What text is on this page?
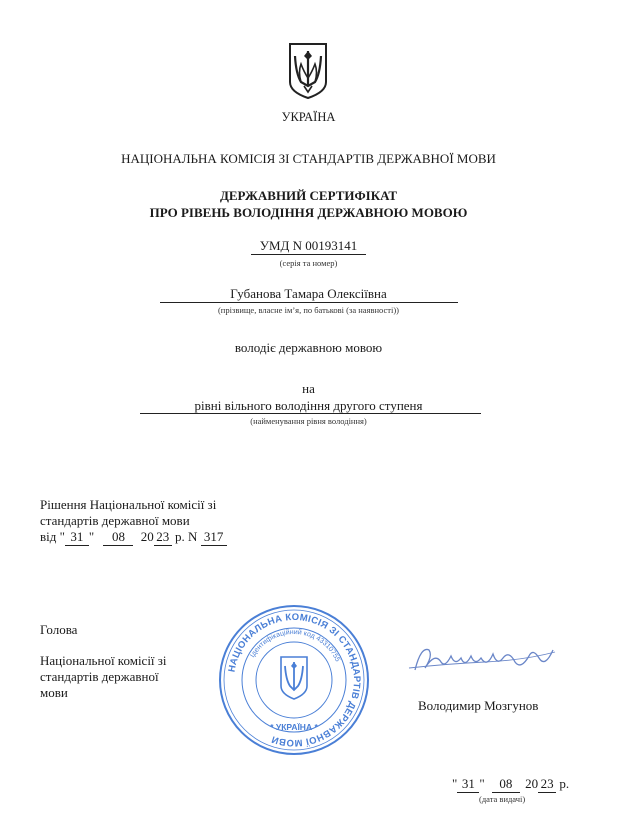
УКРАЇНА
НАЦІОНАЛЬНА КОМІСІЯ ЗІ СТАНДАРТІВ ДЕРЖАВНОЇ МОВИ
ДЕРЖАВНИЙ СЕРТИФІКАТ
ПРО РІВЕНЬ ВОЛОДІННЯ ДЕРЖАВНОЮ МОВОЮ
УМД N 00193141
(серія та номер)
Губанова Тамара Олексіївна
(прізвище, власне ім’я, по батькові (за наявності))
володіє державною мовою
на
рівні вільного володіння другого ступеня
(найменування рівня володіння)
Рішення Національної комісії зі
стандартів державної мови
від " 31 " 08 20 23 р. N 317
Голова
Національної комісії зі
стандартів державної
мови
Володимир Мозгунов
НАЦІОНАЛЬНА КОМІСІЯ ЗІ СТАНДАРТІВ ДЕРЖАВНОЇ МОВИ
Ідентифікаційний код 43310755
* УКРАЇНА *
" 31 " 08 20 23 р.
(дата видачі)
